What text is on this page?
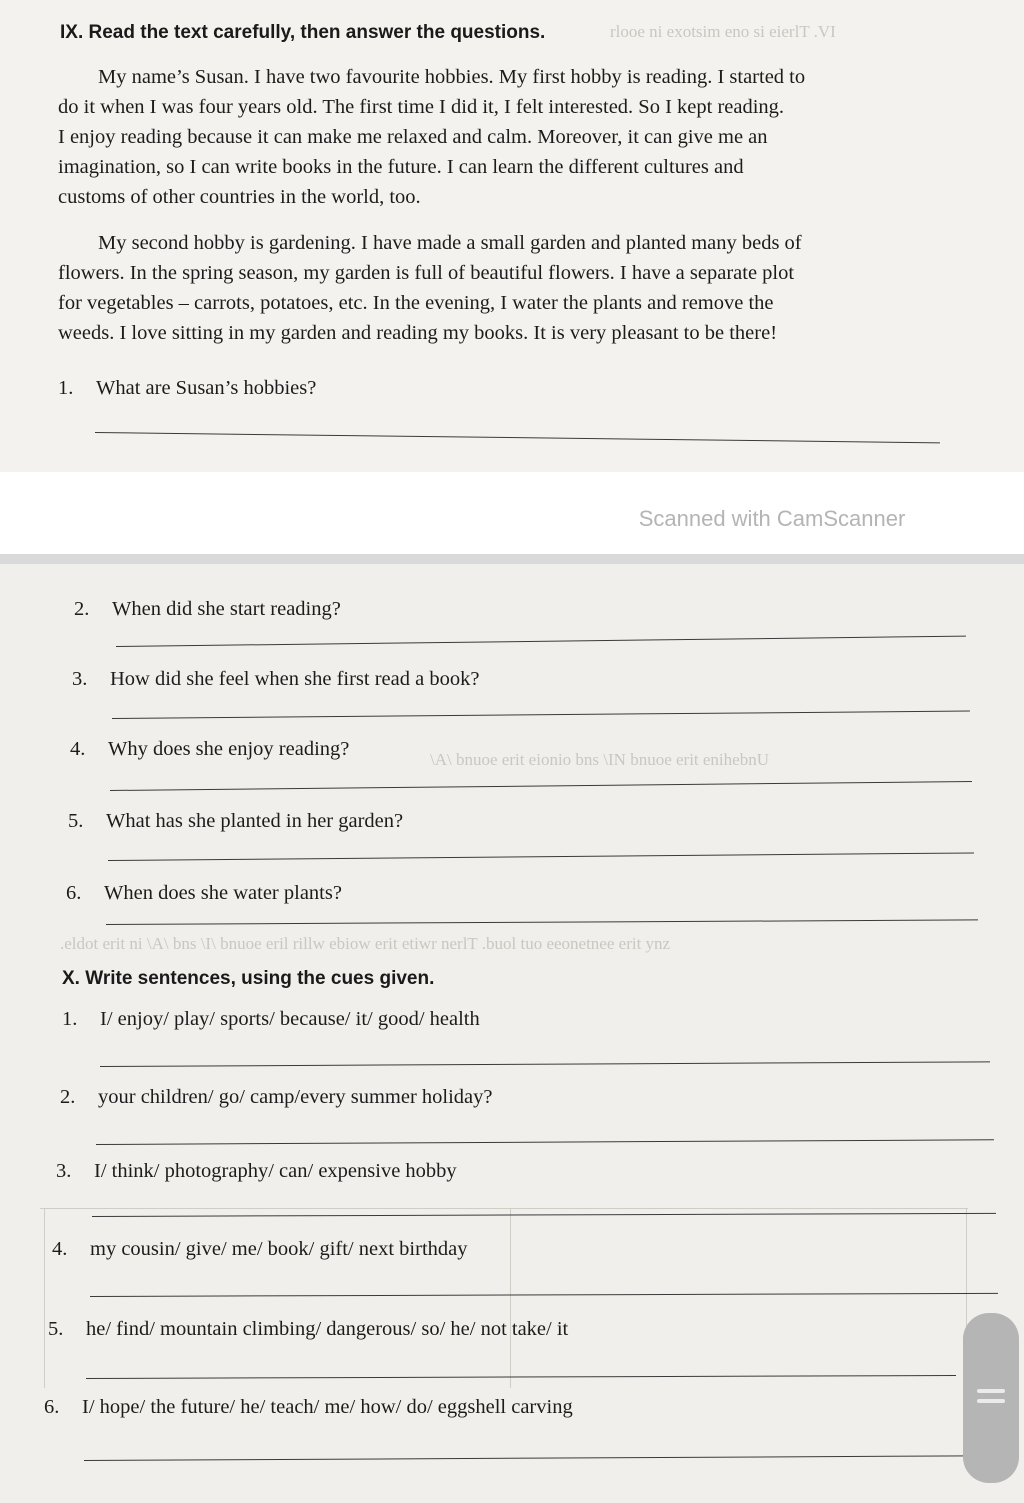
IX. Read the text carefully, then answer the questions.	rlooe ni exotsim eno si eierlT .VI
My name’s Susan. I have two favourite hobbies. My first hobby is reading. I started to
do it when I was four years old. The first time I did it, I felt interested. So I kept reading.
I enjoy reading because it can make me relaxed and calm. Moreover, it can give me an
imagination, so I can write books in the future. I can learn the different cultures and
customs of other countries in the world, too.
My second hobby is gardening. I have made a small garden and planted many beds of
flowers. In the spring season, my garden is full of beautiful flowers. I have a separate plot
for vegetables – carrots, potatoes, etc. In the evening, I water the plants and remove the
weeds. I love sitting in my garden and reading my books. It is very pleasant to be there!
1. What are Susan’s hobbies?
Scanned with CamScanner
\A\ bnuoe erit eionio bns \IN bnuoe erit enihebnU
.eldot erit ni \A\ bns \I\ bnuoe eril rillw ebiow erit etiwr nerlT .buol tuo eeonetnee erit ynz
2. When did she start reading?
3. How did she feel when she first read a book?
4. Why does she enjoy reading?
5. What has she planted in her garden?
6. When does she water plants?
X. Write sentences, using the cues given.
1. I/ enjoy/ play/ sports/ because/ it/ good/ health
2. your children/ go/ camp/every summer holiday?
3. I/ think/ photography/ can/ expensive hobby
4. my cousin/ give/ me/ book/ gift/ next birthday
5. he/ find/ mountain climbing/ dangerous/ so/ he/ not take/ it
6. I/ hope/ the future/ he/ teach/ me/ how/ do/ eggshell carving
